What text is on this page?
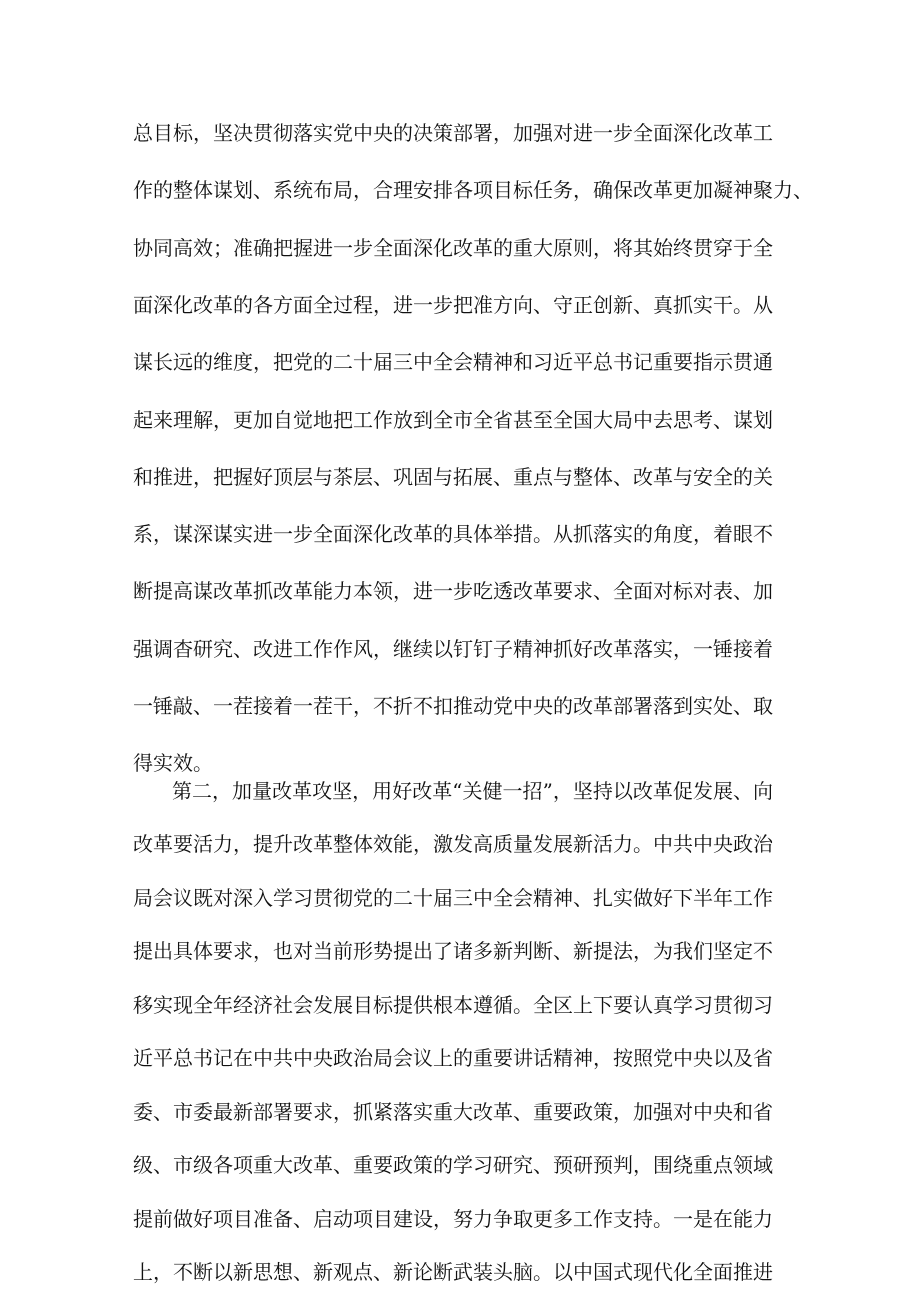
总目标，坚决贯彻落实党中央的决策部署，加强对进一步全面深化改革工
作的整体谋划、系统布局，合理安排各项目标任务，确保改革更加凝神聚力、
协同高效；准确把握进一步全面深化改革的重大原则，将其始终贯穿于全
面深化改革的各方面全过程，进一步把准方向、守正创新、真抓实干。从
谋长远的维度，把党的二十届三中全会精神和习近平总书记重要指示贯通
起来理解，更加自觉地把工作放到全市全省甚至全国大局中去思考、谋划
和推进，把握好顶层与茶层、巩固与拓展、重点与整体、改革与安全的关
系，谋深谋实进一步全面深化改革的具体举措。从抓落实的角度，着眼不
断提高谋改革抓改革能力本领，进一步吃透改革要求、全面对标对表、加
强调杳研究、改进工作作风，继续以钉钉子精神抓好改革落实，一锤接着
一锤敲、一茬接着一茬干，不折不扣推动党中央的改革部署落到实处、取
得实效。
第二，加量改革攻坚，用好改革“关健一招”，坚持以改革促发展、向
改革要活力，提升改革整体效能，激发高质量发展新活力。中共中央政治
局会议既对深入学习贯彻党的二十届三中全会精神、扎实做好下半年工作
提出具体要求，也对当前形势提出了诸多新判断、新提法，为我们坚定不
移实现全年经济社会发展目标提供根本遵循。全区上下要认真学习贯彻习
近平总书记在中共中央政治局会议上的重要讲话精神，按照党中央以及省
委、市委最新部署要求，抓紧落实重大改革、重要政策，加强对中央和省
级、市级各项重大改革、重要政策的学习研究、预研预判，围绕重点领域
提前做好项目准备、启动项目建设，努力争取更多工作支持。一是在能力
上，不断以新思想、新观点、新论断武装头脑。以中国式现代化全面推进
